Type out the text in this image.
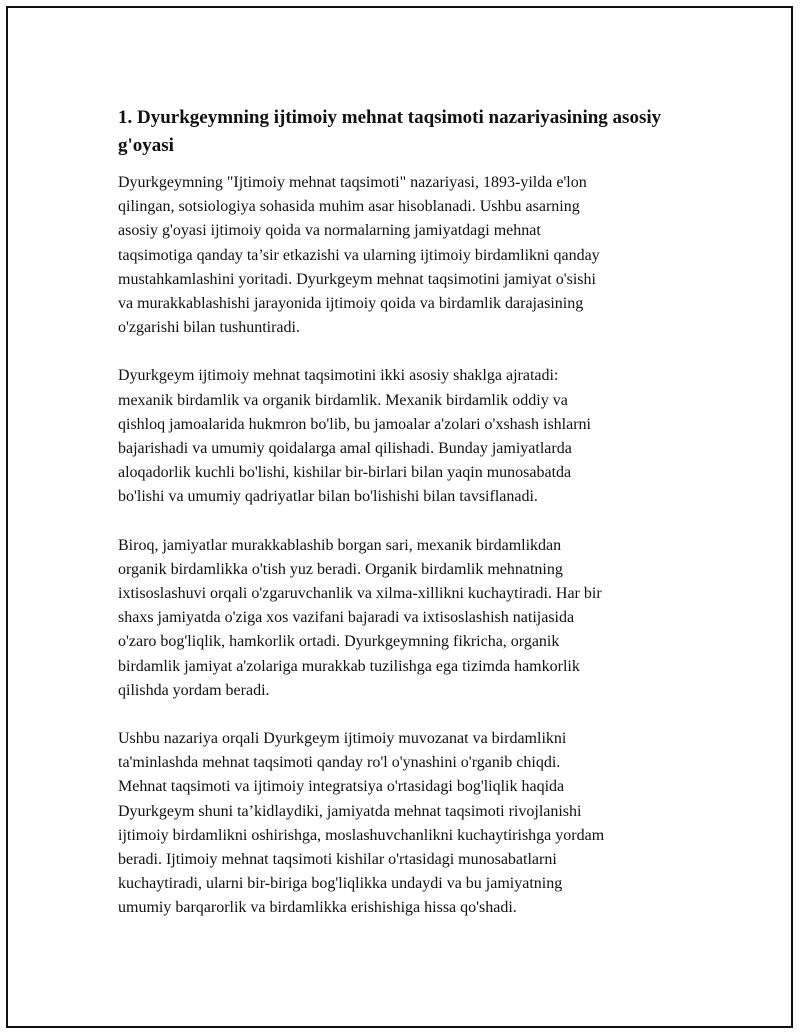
1. Dyurkgeymning ijtimoiy mehnat taqsimoti nazariyasining asosiy g'oyasi

Dyurkgeymning "Ijtimoiy mehnat taqsimoti" nazariyasi, 1893-yilda e'lon
qilingan, sotsiologiya sohasida muhim asar hisoblanadi. Ushbu asarning
asosiy g'oyasi ijtimoiy qoida va normalarning jamiyatdagi mehnat
taqsimotiga qanday ta’sir etkazishi va ularning ijtimoiy birdamlikni qanday
mustahkamlashini yoritadi. Dyurkgeym mehnat taqsimotini jamiyat o'sishi
va murakkablashishi jarayonida ijtimoiy qoida va birdamlik darajasining
o'zgarishi bilan tushuntiradi.

Dyurkgeym ijtimoiy mehnat taqsimotini ikki asosiy shaklga ajratadi:
mexanik birdamlik va organik birdamlik. Mexanik birdamlik oddiy va
qishloq jamoalarida hukmron bo'lib, bu jamoalar a'zolari o'xshash ishlarni
bajarishadi va umumiy qoidalarga amal qilishadi. Bunday jamiyatlarda
aloqadorlik kuchli bo'lishi, kishilar bir-birlari bilan yaqin munosabatda
bo'lishi va umumiy qadriyatlar bilan bo'lishishi bilan tavsiflanadi.

Biroq, jamiyatlar murakkablashib borgan sari, mexanik birdamlikdan
organik birdamlikka o'tish yuz beradi. Organik birdamlik mehnatning
ixtisoslashuvi orqali o'zgaruvchanlik va xilma-xillikni kuchaytiradi. Har bir
shaxs jamiyatda o'ziga xos vazifani bajaradi va ixtisoslashish natijasida
o'zaro bog'liqlik, hamkorlik ortadi. Dyurkgeymning fikricha, organik
birdamlik jamiyat a'zolariga murakkab tuzilishga ega tizimda hamkorlik
qilishda yordam beradi.

Ushbu nazariya orqali Dyurkgeym ijtimoiy muvozanat va birdamlikni
ta'minlashda mehnat taqsimoti qanday ro'l o'ynashini o'rganib chiqdi.
Mehnat taqsimoti va ijtimoiy integratsiya o'rtasidagi bog'liqlik haqida
Dyurkgeym shuni ta’kidlaydiki, jamiyatda mehnat taqsimoti rivojlanishi
ijtimoiy birdamlikni oshirishga, moslashuvchanlikni kuchaytirishga yordam
beradi. Ijtimoiy mehnat taqsimoti kishilar o'rtasidagi munosabatlarni
kuchaytiradi, ularni bir-biriga bog'liqlikka undaydi va bu jamiyatning
umumiy barqarorlik va birdamlikka erishishiga hissa qo'shadi.
